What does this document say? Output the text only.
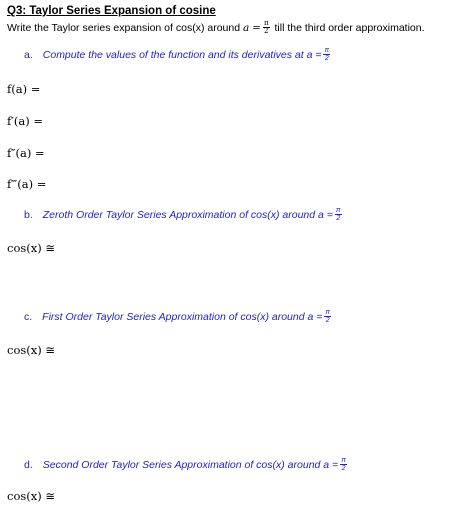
Q3: Taylor Series Expansion of cosine
Write the Taylor series expansion of cos(x) around
a
= $\frac{\pi}{2}$
till the third order approximation.
a. Compute the values of the function and its derivatives at $a = \frac{\pi}{2}$
f(a) =
f′(a) =
f″(a) =
f‴(a) =
b. Zeroth Order Taylor Series Approximation of cos(x) around $a = \frac{\pi}{2}$
cos(x) ≅
c. First Order Taylor Series Approximation of cos(x) around $a = \frac{\pi}{2}$
cos(x) ≅
d. Second Order Taylor Series Approximation of cos(x) around $a = \frac{\pi}{2}$
cos(x) ≅
